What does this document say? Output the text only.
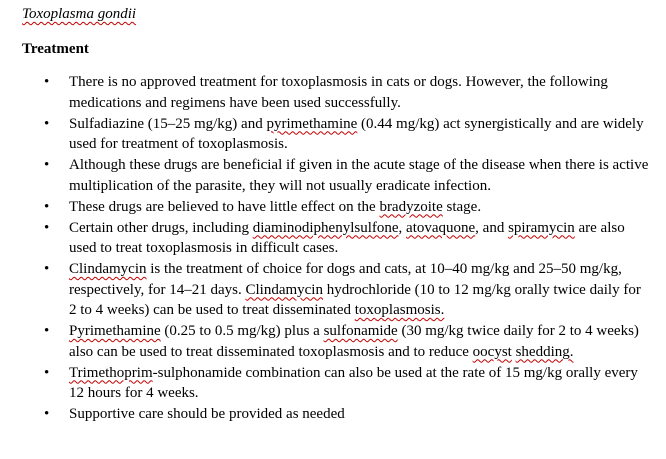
Toxoplasma gondii

Treatment

• There is no approved treatment for toxoplasmosis in cats or dogs. However, the following medications and regimens have been used successfully.
• Sulfadiazine (15–25 mg/kg) and pyrimethamine (0.44 mg/kg) act synergistically and are widely used for treatment of toxoplasmosis.
• Although these drugs are beneficial if given in the acute stage of the disease when there is active multiplication of the parasite, they will not usually eradicate infection.
• These drugs are believed to have little effect on the bradyzoite stage.
• Certain other drugs, including diaminodiphenylsulfone, atovaquone, and spiramycin are also used to treat toxoplasmosis in difficult cases.
• Clindamycin is the treatment of choice for dogs and cats, at 10–40 mg/kg and 25–50 mg/kg, respectively, for 14–21 days. Clindamycin hydrochloride (10 to 12 mg/kg orally twice daily for 2 to 4 weeks) can be used to treat disseminated toxoplasmosis.
• Pyrimethamine (0.25 to 0.5 mg/kg) plus a sulfonamide (30 mg/kg twice daily for 2 to 4 weeks) also can be used to treat disseminated toxoplasmosis and to reduce oocyst shedding.
• Trimethoprim-sulphonamide combination can also be used at the rate of 15 mg/kg orally every 12 hours for 4 weeks.
• Supportive care should be provided as needed
